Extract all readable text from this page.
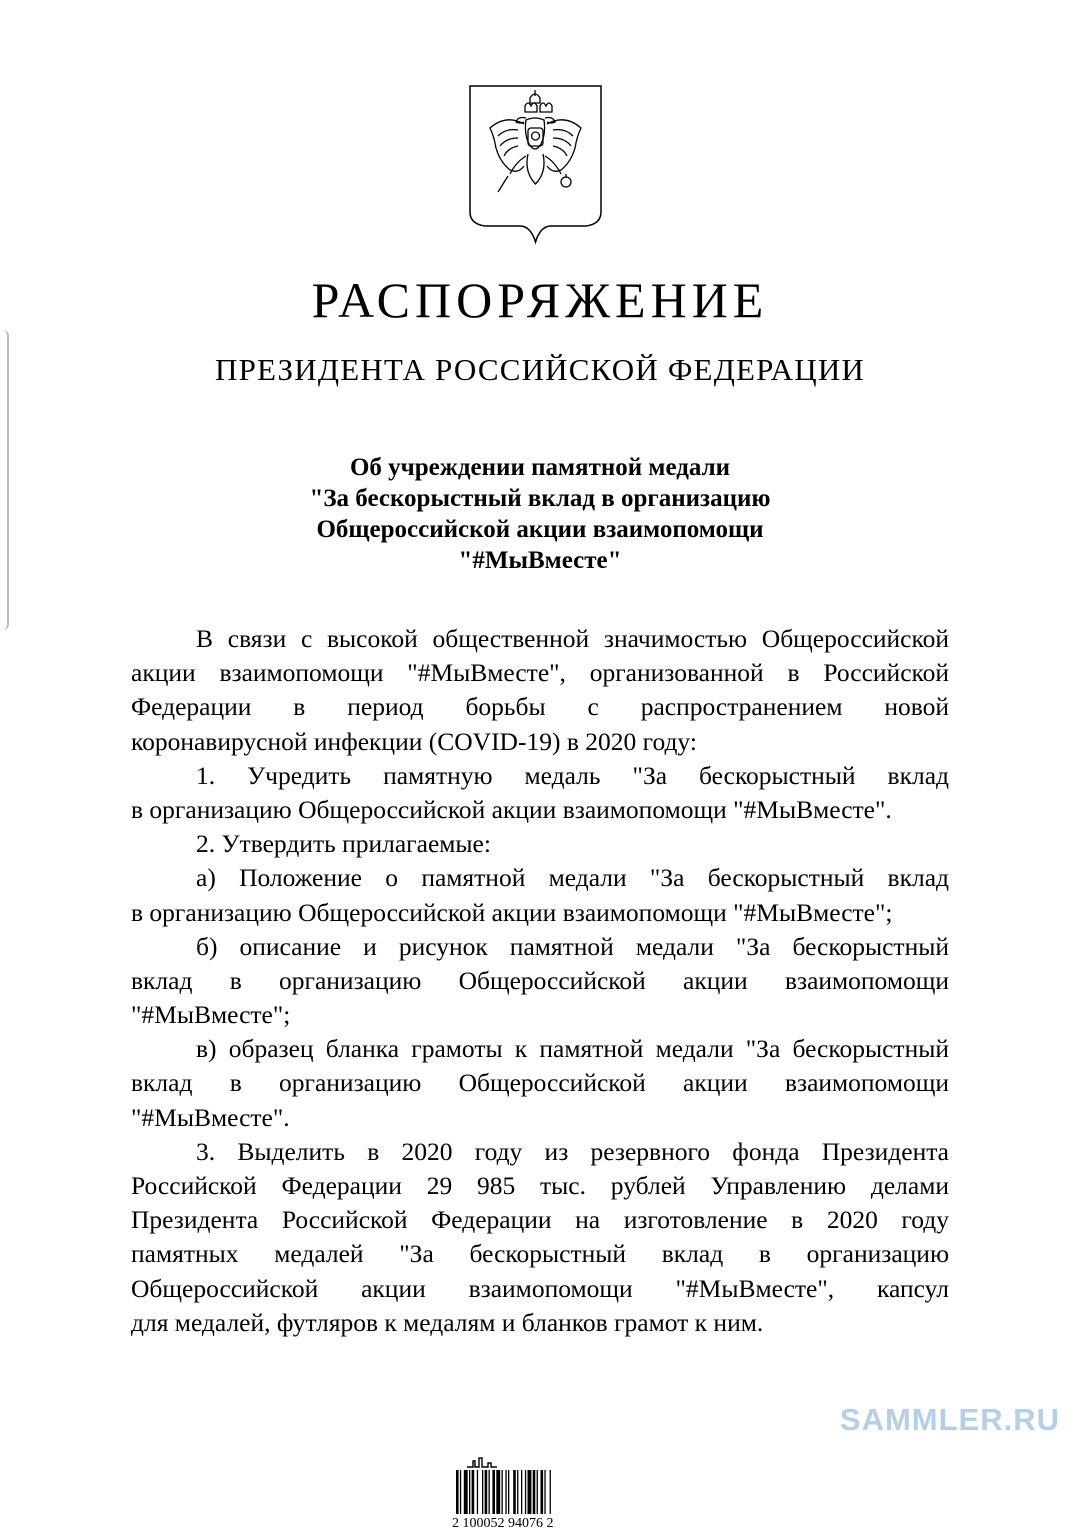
РАСПОРЯЖЕНИЕ
ПРЕЗИДЕНТА РОССИЙСКОЙ ФЕДЕРАЦИИ
Об учреждении памятной медали
"За бескорыстный вклад в организацию
Общероссийской акции взаимопомощи
"#МыВместе"
В связи с высокой общественной значимостью Общероссийской
акции взаимопомощи "#МыВместе", организованной в Российской
Федерации в период борьбы с распространением новой
коронавирусной инфекции (COVID-19) в 2020 году:
1. Учредить памятную медаль "За бескорыстный вклад
в организацию Общероссийской акции взаимопомощи "#МыВместе".
2. Утвердить прилагаемые:
а) Положение о памятной медали "За бескорыстный вклад
в организацию Общероссийской акции взаимопомощи "#МыВместе";
б) описание и рисунок памятной медали "За бескорыстный
вклад в организацию Общероссийской акции взаимопомощи
"#МыВместе";
в) образец бланка грамоты к памятной медали "За бескорыстный
вклад в организацию Общероссийской акции взаимопомощи
"#МыВместе".
3. Выделить в 2020 году из резервного фонда Президента
Российской Федерации 29 985 тыс. рублей Управлению делами
Президента Российской Федерации на изготовление в 2020 году
памятных медалей "За бескорыстный вклад в организацию
Общероссийской акции взаимопомощи "#МыВместе", капсул
для медалей, футляров к медалям и бланков грамот к ним.
2 100052 94076 2
SAMMLER.RU
